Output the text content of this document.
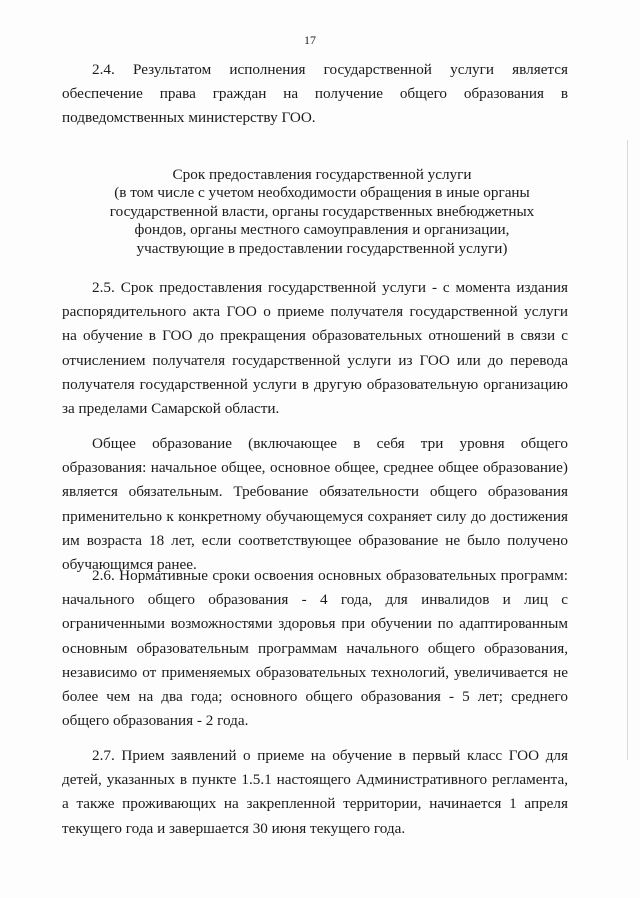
17
2.4. Результатом исполнения государственной услуги является обеспечение права граждан на получение общего образования в подведомственных министерству ГОО.
Срок предоставления государственной услуги
(в том числе с учетом необходимости обращения в иные органы
государственной власти, органы государственных внебюджетных
фондов, органы местного самоуправления и организации,
участвующие в предоставлении государственной услуги)
2.5. Срок предоставления государственной услуги - с момента издания распорядительного акта ГОО о приеме получателя государственной услуги на обучение в ГОО до прекращения образовательных отношений в связи с отчислением получателя государственной услуги из ГОО или до перевода получателя государственной услуги в другую образовательную организацию за пределами Самарской области.
Общее образование (включающее в себя три уровня общего образования: начальное общее, основное общее, среднее общее образование) является обязательным. Требование обязательности общего образования применительно к конкретному обучающемуся сохраняет силу до достижения им возраста 18 лет, если соответствующее образование не было получено обучающимся ранее.
2.6. Нормативные сроки освоения основных образовательных программ: начального общего образования - 4 года, для инвалидов и лиц с ограниченными возможностями здоровья при обучении по адаптированным основным образовательным программам начального общего образования, независимо от применяемых образовательных технологий, увеличивается не более чем на два года; основного общего образования - 5 лет; среднего общего образования - 2 года.
2.7. Прием заявлений о приеме на обучение в первый класс ГОО для детей, указанных в пункте 1.5.1 настоящего Административного регламента, а также проживающих на закрепленной территории, начинается 1 апреля текущего года и завершается 30 июня текущего года.
